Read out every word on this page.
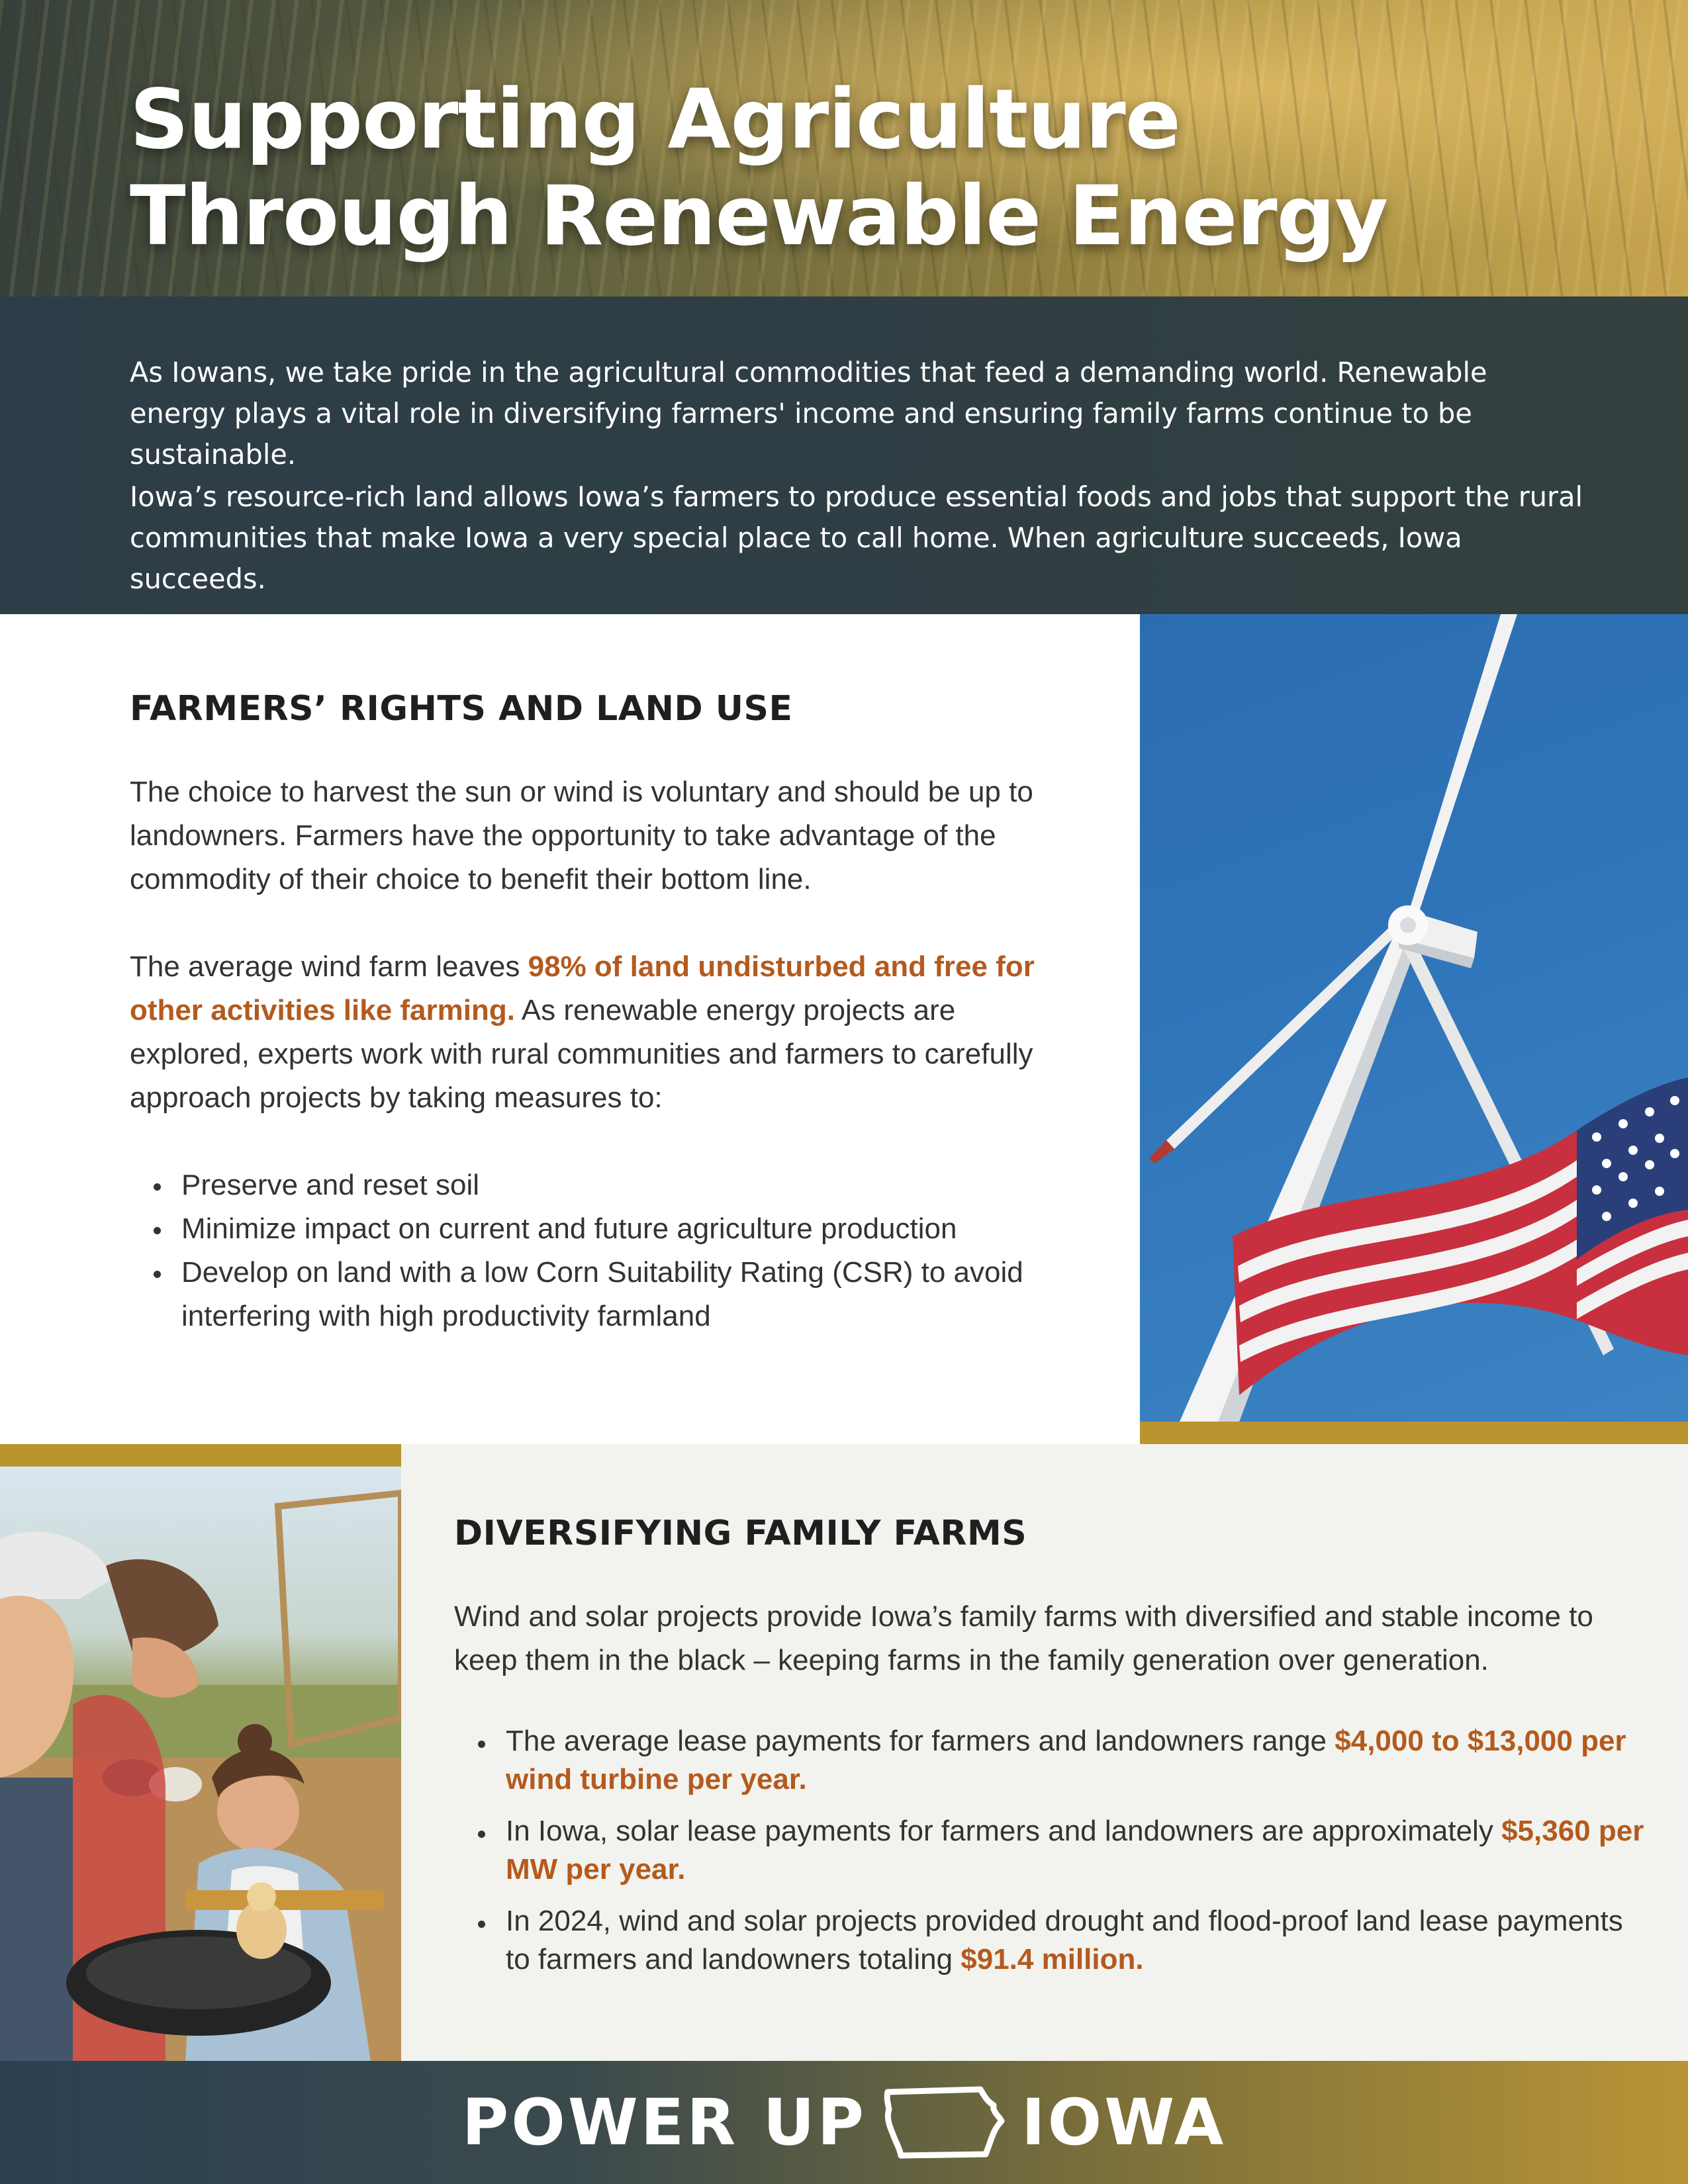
Supporting Agriculture
Through Renewable Energy

As Iowans, we take pride in the agricultural commodities that feed a demanding world. Renewable energy plays a vital role in diversifying farmers' income and ensuring family farms continue to be sustainable.

Iowa’s resource-rich land allows Iowa’s farmers to produce essential foods and jobs that support the rural communities that make Iowa a very special place to call home. When agriculture succeeds, Iowa succeeds.

FARMERS’ RIGHTS AND LAND USE

The choice to harvest the sun or wind is voluntary and should be up to landowners. Farmers have the opportunity to take advantage of the commodity of their choice to benefit their bottom line.

The average wind farm leaves 98% of land undisturbed and free for other activities like farming. As renewable energy projects are explored, experts work with rural communities and farmers to carefully approach projects by taking measures to:

Preserve and reset soil
Minimize impact on current and future agriculture production
Develop on land with a low Corn Suitability Rating (CSR) to avoid interfering with high productivity farmland
DIVERSIFYING FAMILY FARMS

Wind and solar projects provide Iowa’s family farms with diversified and stable income to keep them in the black – keeping farms in the family generation over generation.

The average lease payments for farmers and landowners range $4,000 to $13,000 per wind turbine per year.
In Iowa, solar lease payments for farmers and landowners are approximately $5,360 per MW per year.
In 2024, wind and solar projects provided drought and flood-proof land lease payments to farmers and landowners totaling $91.4 million.
POWER UP IOWA
